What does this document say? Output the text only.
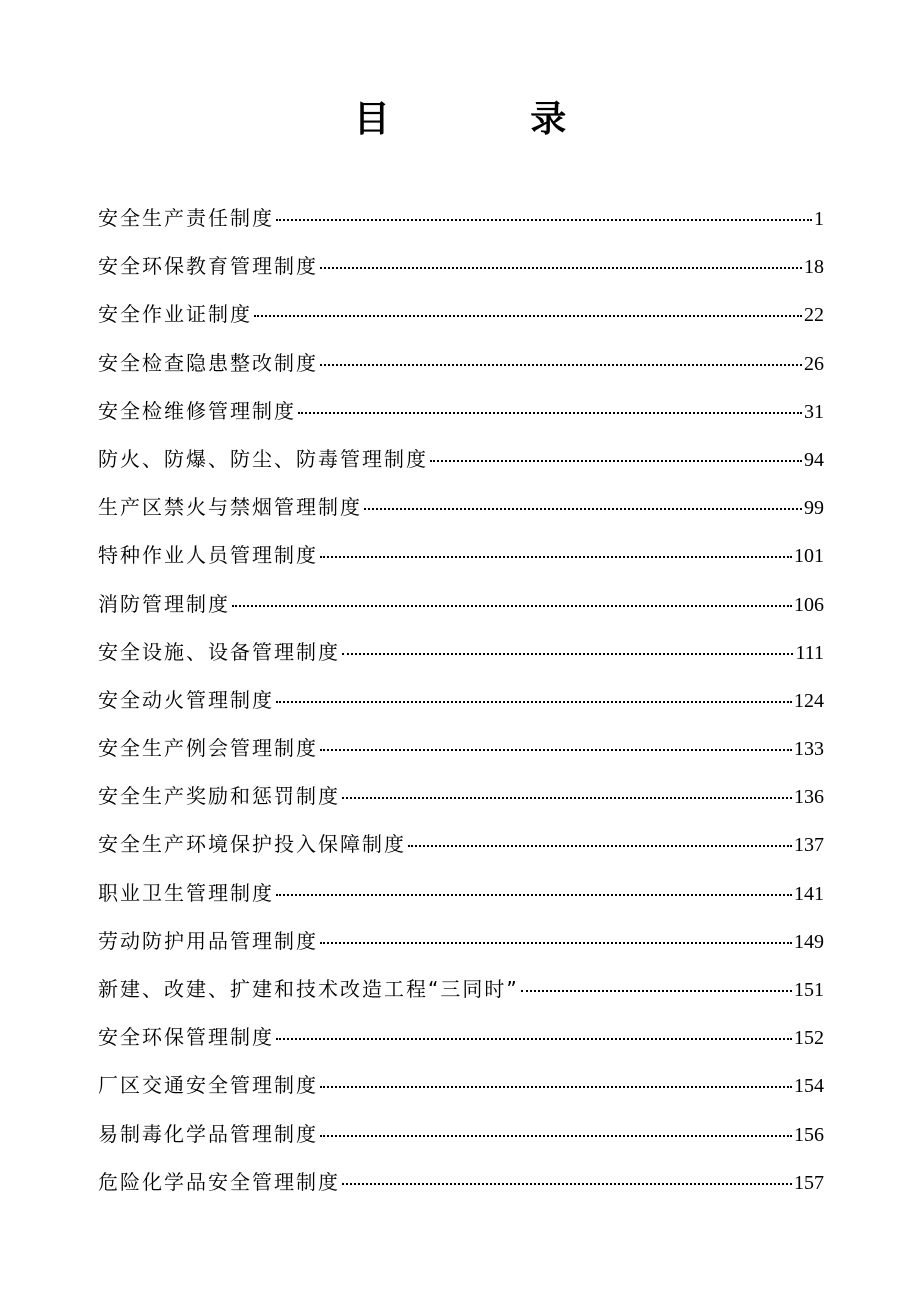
目 录
安全生产责任制度	1
安全环保教育管理制度	18
安全作业证制度	22
安全检查隐患整改制度	26
安全检维修管理制度	31
防火、防爆、防尘、防毒管理制度	94
生产区禁火与禁烟管理制度	99
特种作业人员管理制度	101
消防管理制度	106
安全设施、设备管理制度	111
安全动火管理制度	124
安全生产例会管理制度	133
安全生产奖励和惩罚制度	136
安全生产环境保护投入保障制度	137
职业卫生管理制度	141
劳动防护用品管理制度	149
新建、改建、扩建和技术改造工程“三同时”	151
安全环保管理制度	152
厂区交通安全管理制度	154
易制毒化学品管理制度	156
危险化学品安全管理制度	157
